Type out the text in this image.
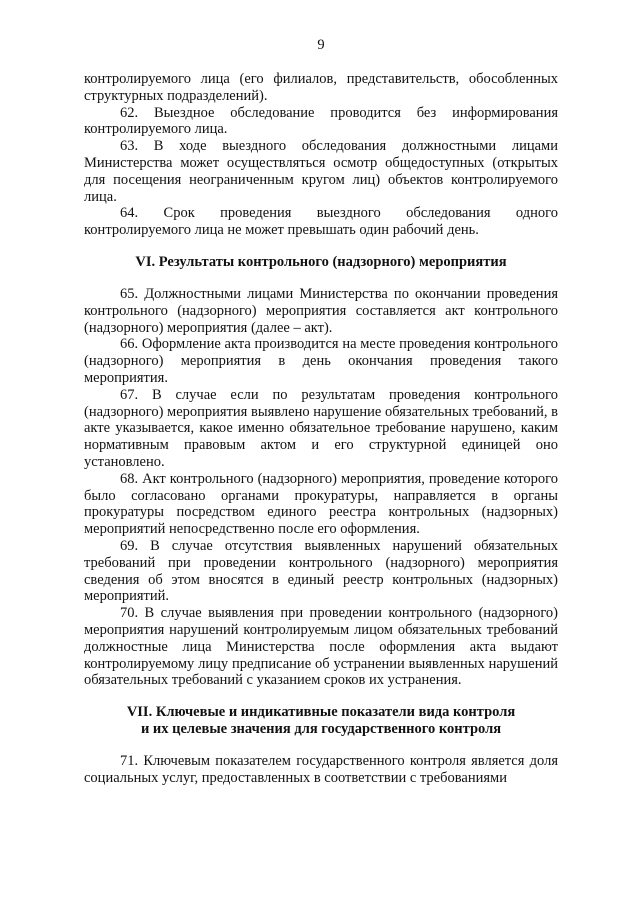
9

контролируемого лица (его филиалов, представительств, обособленных структурных подразделений).

62. Выездное обследование проводится без информирования контролируемого лица.

63. В ходе выездного обследования должностными лицами Министерства может осуществляться осмотр общедоступных (открытых для посещения неограниченным кругом лиц) объектов контролируемого лица.

64. Срок проведения выездного обследования одного контролируемого лица не может превышать один рабочий день.

VI. Результаты контрольного (надзорного) мероприятия

65. Должностными лицами Министерства по окончании проведения контрольного (надзорного) мероприятия составляется акт контрольного (надзорного) мероприятия (далее – акт).

66. Оформление акта производится на месте проведения контрольного (надзорного) мероприятия в день окончания проведения такого мероприятия.

67. В случае если по результатам проведения контрольного (надзорного) мероприятия выявлено нарушение обязательных требований, в акте указывается, какое именно обязательное требование нарушено, каким нормативным правовым актом и его структурной единицей оно установлено.

68. Акт контрольного (надзорного) мероприятия, проведение которого было согласовано органами прокуратуры, направляется в органы прокуратуры посредством единого реестра контрольных (надзорных) мероприятий непосредственно после его оформления.

69. В случае отсутствия выявленных нарушений обязательных требований при проведении контрольного (надзорного) мероприятия сведения об этом вносятся в единый реестр контрольных (надзорных) мероприятий.

70. В случае выявления при проведении контрольного (надзорного) мероприятия нарушений контролируемым лицом обязательных требований должностные лица Министерства после оформления акта выдают контролируемому лицу предписание об устранении выявленных нарушений обязательных требований с указанием сроков их устранения.

VII. Ключевые и индикативные показатели вида контроля
и их целевые значения для государственного контроля

71. Ключевым показателем государственного контроля является доля социальных услуг, предоставленных в соответствии с требованиями
